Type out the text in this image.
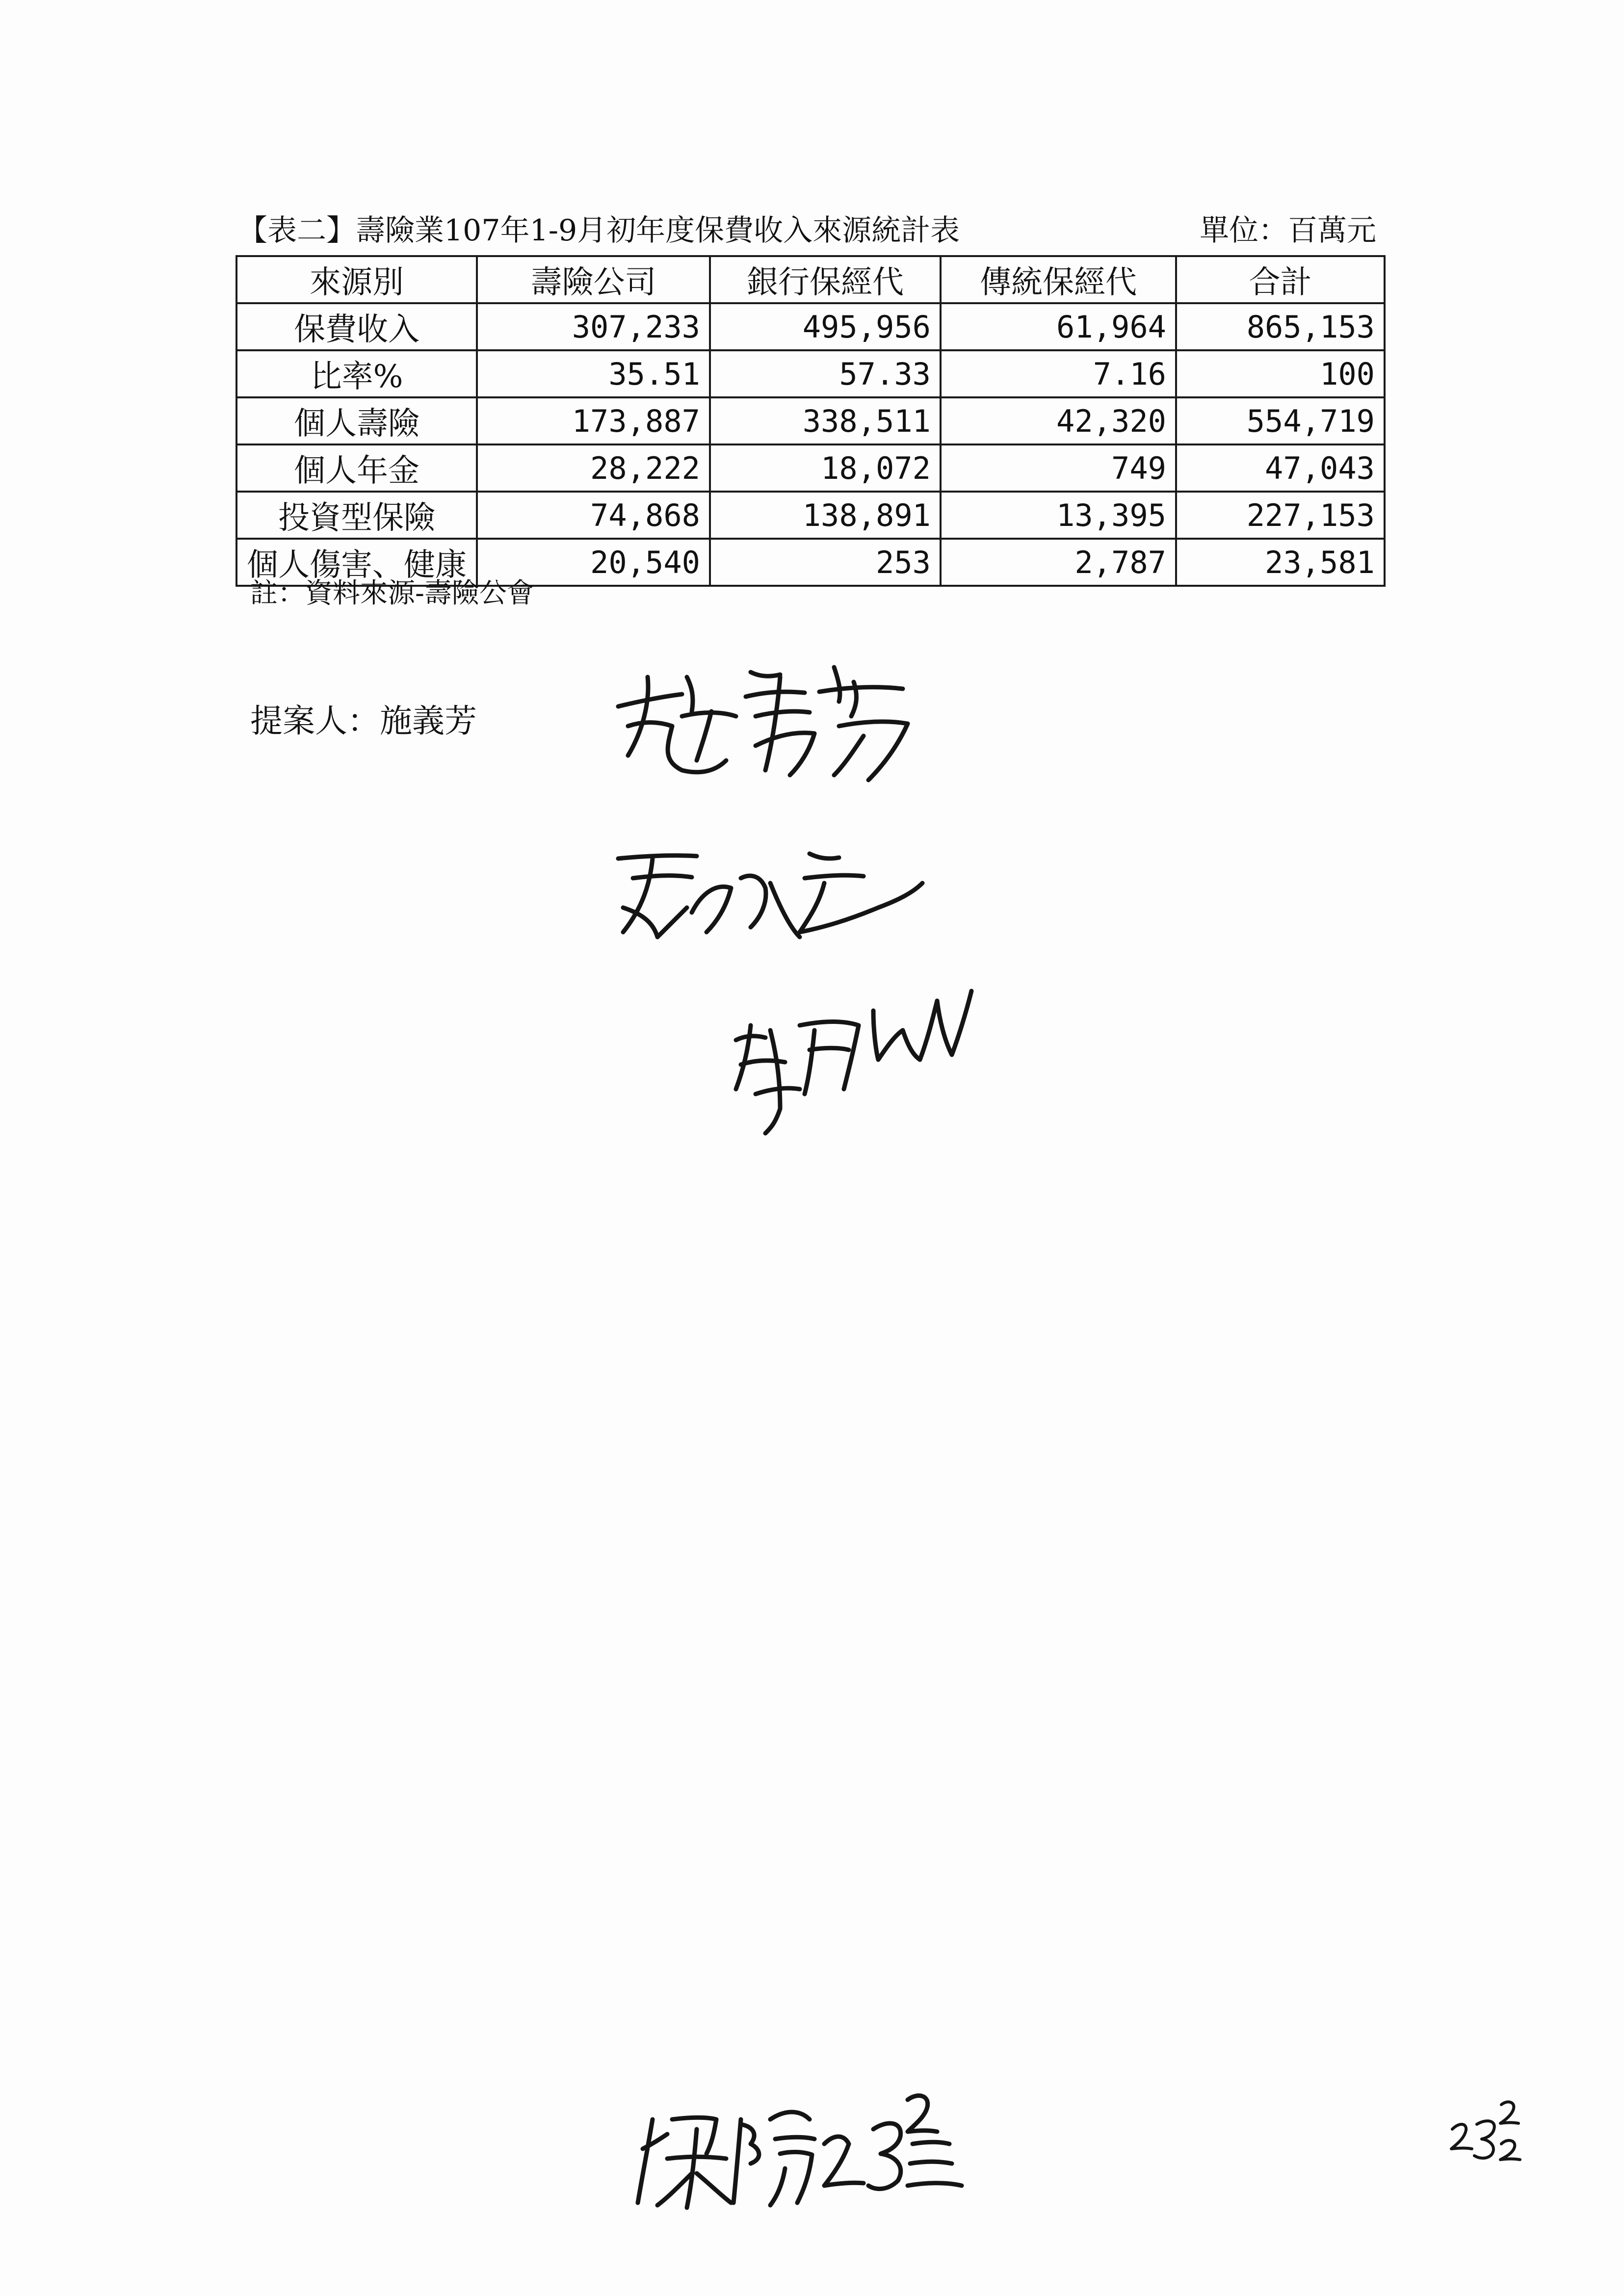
【表二】壽險業107年1-9月初年度保費收入來源統計表	單位：百萬元
來源別	壽險公司	銀行保經代	傳統保經代	合計
保費收入	307,233	495,956	61,964	865,153
比率%	35.51	57.33	7.16	100
個人壽險	173,887	338,511	42,320	554,719
個人年金	28,222	18,072	749	47,043
投資型保險	74,868	138,891	13,395	227,153
個人傷害、健康	20,540	253	2,787	23,581
註：資料來源-壽險公會
提案人：施義芳
